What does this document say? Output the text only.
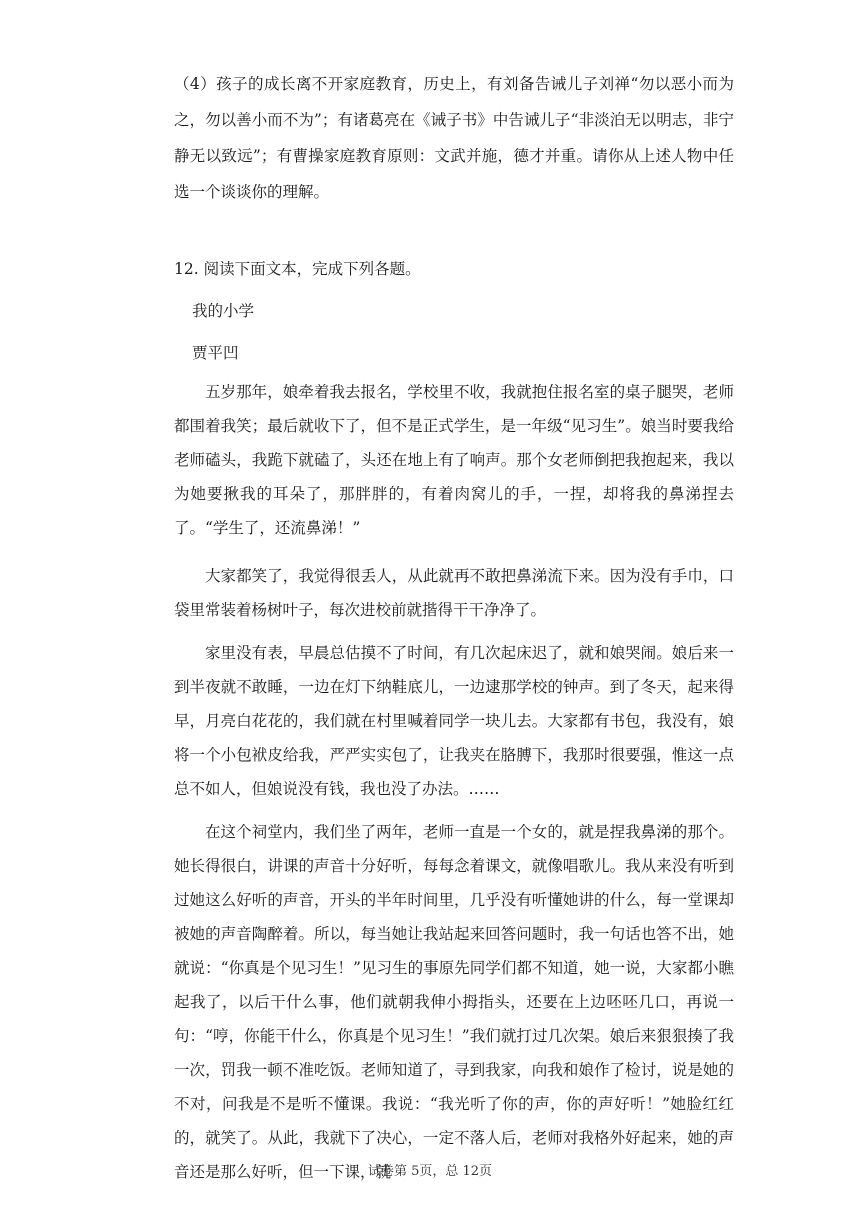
（4）孩子的成长离不开家庭教育，历史上，有刘备告诫儿子刘禅“勿以恶小而为之，勿以善小而不为”；有诸葛亮在《诫子书》中告诫儿子“非淡泊无以明志，非宁静无以致远”；有曹操家庭教育原则：文武并施，德才并重。请你从上述人物中任选一个谈谈你的理解。

12. 阅读下面文本，完成下列各题。
我的小学
贾平凹

五岁那年，娘牵着我去报名，学校里不收，我就抱住报名室的桌子腿哭，老师都围着我笑；最后就收下了，但不是正式学生，是一年级“见习生”。娘当时要我给老师磕头，我跪下就磕了，头还在地上有了响声。那个女老师倒把我抱起来，我以为她要揪我的耳朵了，那胖胖的，有着肉窝儿的手，一捏，却将我的鼻涕捏去了。“学生了，还流鼻涕！”

大家都笑了，我觉得很丢人，从此就再不敢把鼻涕流下来。因为没有手巾，口袋里常装着杨树叶子，每次进校前就揩得干干净净了。

家里没有表，早晨总估摸不了时间，有几次起床迟了，就和娘哭闹。娘后来一到半夜就不敢睡，一边在灯下纳鞋底儿，一边逮那学校的钟声。到了冬天，起来得早，月亮白花花的，我们就在村里喊着同学一块儿去。大家都有书包，我没有，娘将一个小包袱皮给我，严严实实包了，让我夹在胳膊下，我那时很要强，惟这一点总不如人，但娘说没有钱，我也没了办法。……

在这个祠堂内，我们坐了两年，老师一直是一个女的，就是捏我鼻涕的那个。她长得很白，讲课的声音十分好听，每每念着课文，就像唱歌儿。我从来没有听到过她这么好听的声音，开头的半年时间里，几乎没有听懂她讲的什么，每一堂课却被她的声音陶醉着。所以，每当她让我站起来回答问题时，我一句话也答不出，她就说：“你真是个见习生！”见习生的事原先同学们都不知道，她一说，大家都小瞧起我了，以后干什么事，他们就朝我伸小拇指头，还要在上边呸呸几口，再说一句：“哼，你能干什么，你真是个见习生！”我们就打过几次架。娘后来狠狠揍了我一次，罚我一顿不准吃饭。老师知道了，寻到我家，向我和娘作了检讨，说是她的不对，问我是不是听不懂课。我说：“我光听了你的声，你的声好听！”她脸红红的，就笑了。从此，我就下了决心，一定不落人后，老师对我格外好起来，她的声音还是那么好听，但一下课，就

试卷第 5页，总 12页
